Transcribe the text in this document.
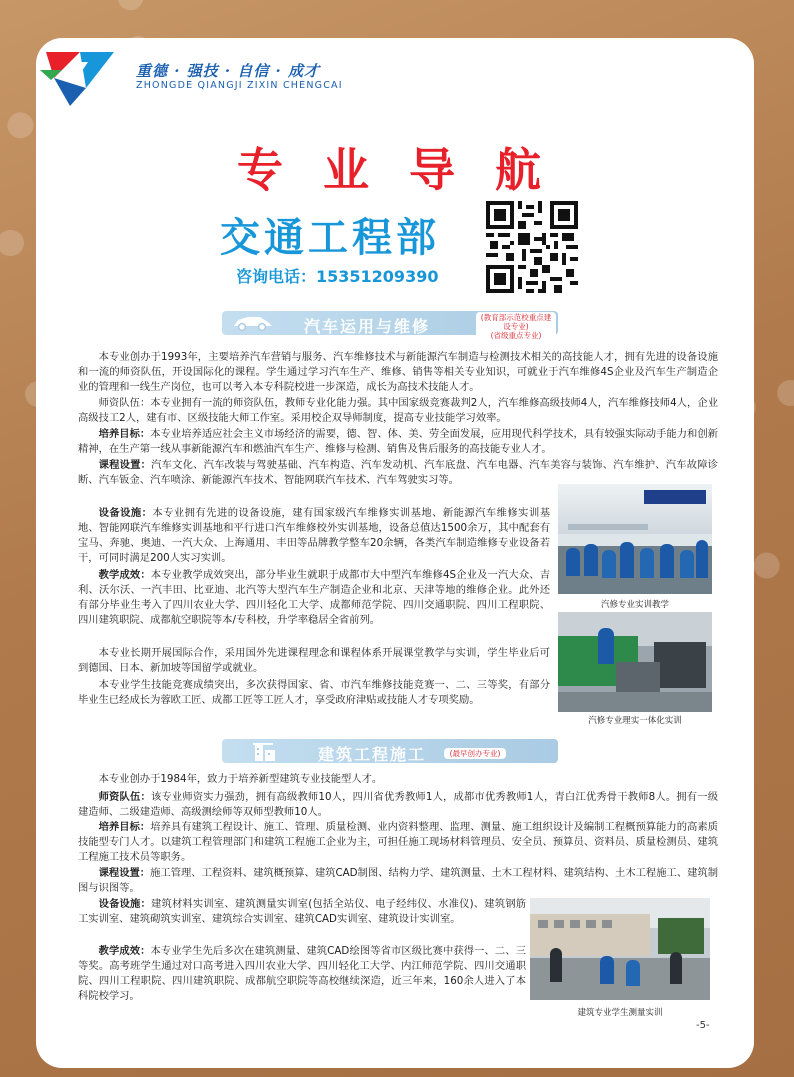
重德 · 强技 · 自信 · 成才
ZHONGDE QIANGJI ZIXIN CHENGCAI
专 业 导 航
交通工程部
咨询电话：15351209390
汽车运用与维修	(教育部示范校重点建设专业)
(省级重点专业)

本专业创办于1993年，主要培养汽车营销与服务、汽车维修技术与新能源汽车制造与检测技术相关的高技能人才，拥有先进的设备设施和一流的师资队伍，开设国际化的课程。学生通过学习汽车生产、维修、销售等相关专业知识，可就业于汽车维修4S企业及汽车生产制造企业的管理和一线生产岗位，也可以考入本专科院校进一步深造，成长为高技术技能人才。

师资队伍：本专业拥有一流的师资队伍，教师专业化能力强。其中国家级竞赛裁判2人，汽车维修高级技师4人，汽车维修技师4人，企业高级技工2人，建有市、区级技能大师工作室。采用校企双导师制度，提高专业技能学习效率。

培养目标：本专业培养适应社会主义市场经济的需要，德、智、体、美、劳全面发展，应用现代科学技术，具有较强实际动手能力和创新精神，在生产第一线从事新能源汽车和燃油汽车生产、维修与检测、销售及售后服务的高技能专业人才。

课程设置：汽车文化、汽车改装与驾驶基础、汽车构造、汽车发动机、汽车底盘、汽车电器、汽车美容与装饰、汽车维护、汽车故障诊断、汽车钣金、汽车喷涂、新能源汽车技术、智能网联汽车技术、汽车驾驶实习等。

设备设施：本专业拥有先进的设备设施，建有国家级汽车维修实训基地、新能源汽车维修实训基地、智能网联汽车维修实训基地和平行进口汽车维修校外实训基地，设备总值达1500余万，其中配套有宝马、奔驰、奥迪、一汽大众、上海通用、丰田等品牌教学整车20余辆，各类汽车制造维修专业设备若干，可同时满足200人实习实训。

教学成效：本专业教学成效突出，部分毕业生就职于成都市大中型汽车维修4S企业及一汽大众、吉利、沃尔沃、一汽丰田、比亚迪、北汽等大型汽车生产制造企业和北京、天津等地的维修企业。此外还有部分毕业生考入了四川农业大学、四川轻化工大学、成都师范学院、四川交通职院、四川工程职院、四川建筑职院、成都航空职院等本/专科校，升学率稳居全省前列。

本专业长期开展国际合作，采用国外先进课程理念和课程体系开展课堂教学与实训，学生毕业后可到德国、日本、新加坡等国留学或就业。

本专业学生技能竞赛成绩突出，多次获得国家、省、市汽车维修技能竞赛一、二、三等奖，有部分毕业生已经成长为蓉欧工匠、成都工匠等工匠人才，享受政府津贴或技能人才专项奖励。

汽修专业实训教学
汽修专业理实一体化实训
建筑工程施工	(最早创办专业)

本专业创办于1984年，致力于培养新型建筑专业技能型人才。

师资队伍：该专业师资实力强劲，拥有高级教师10人，四川省优秀教师1人，成都市优秀教师1人，青白江优秀骨干教师8人。拥有一级建造师、二级建造师、高级测绘师等双师型教师10人。

培养目标：培养具有建筑工程设计、施工、管理、质量检测、业内资料整理、监理、测量、施工组织设计及编制工程概预算能力的高素质技能型专门人才。以建筑工程管理部门和建筑工程施工企业为主，可担任施工现场材料管理员、安全员、预算员、资料员、质量检测员、建筑工程施工技术员等职务。

课程设置：施工管理、工程资料、建筑概预算、建筑CAD制图、结构力学、建筑测量、土木工程材料、建筑结构、土木工程施工、建筑制图与识图等。

设备设施：建筑材料实训室、建筑测量实训室(包括全站仪、电子经纬仪、水准仪)、建筑钢筋工实训室、建筑砌筑实训室、建筑综合实训室、建筑CAD实训室、建筑设计实训室。

教学成效：本专业学生先后多次在建筑测量、建筑CAD绘图等省市区级比赛中获得一、二、三等奖。高考班学生通过对口高考进入四川农业大学、四川轻化工大学、内江师范学院、四川交通职院、四川工程职院、四川建筑职院、成都航空职院等高校继续深造，近三年来，160余人进入了本科院校学习。

建筑专业学生测量实训
-5-
